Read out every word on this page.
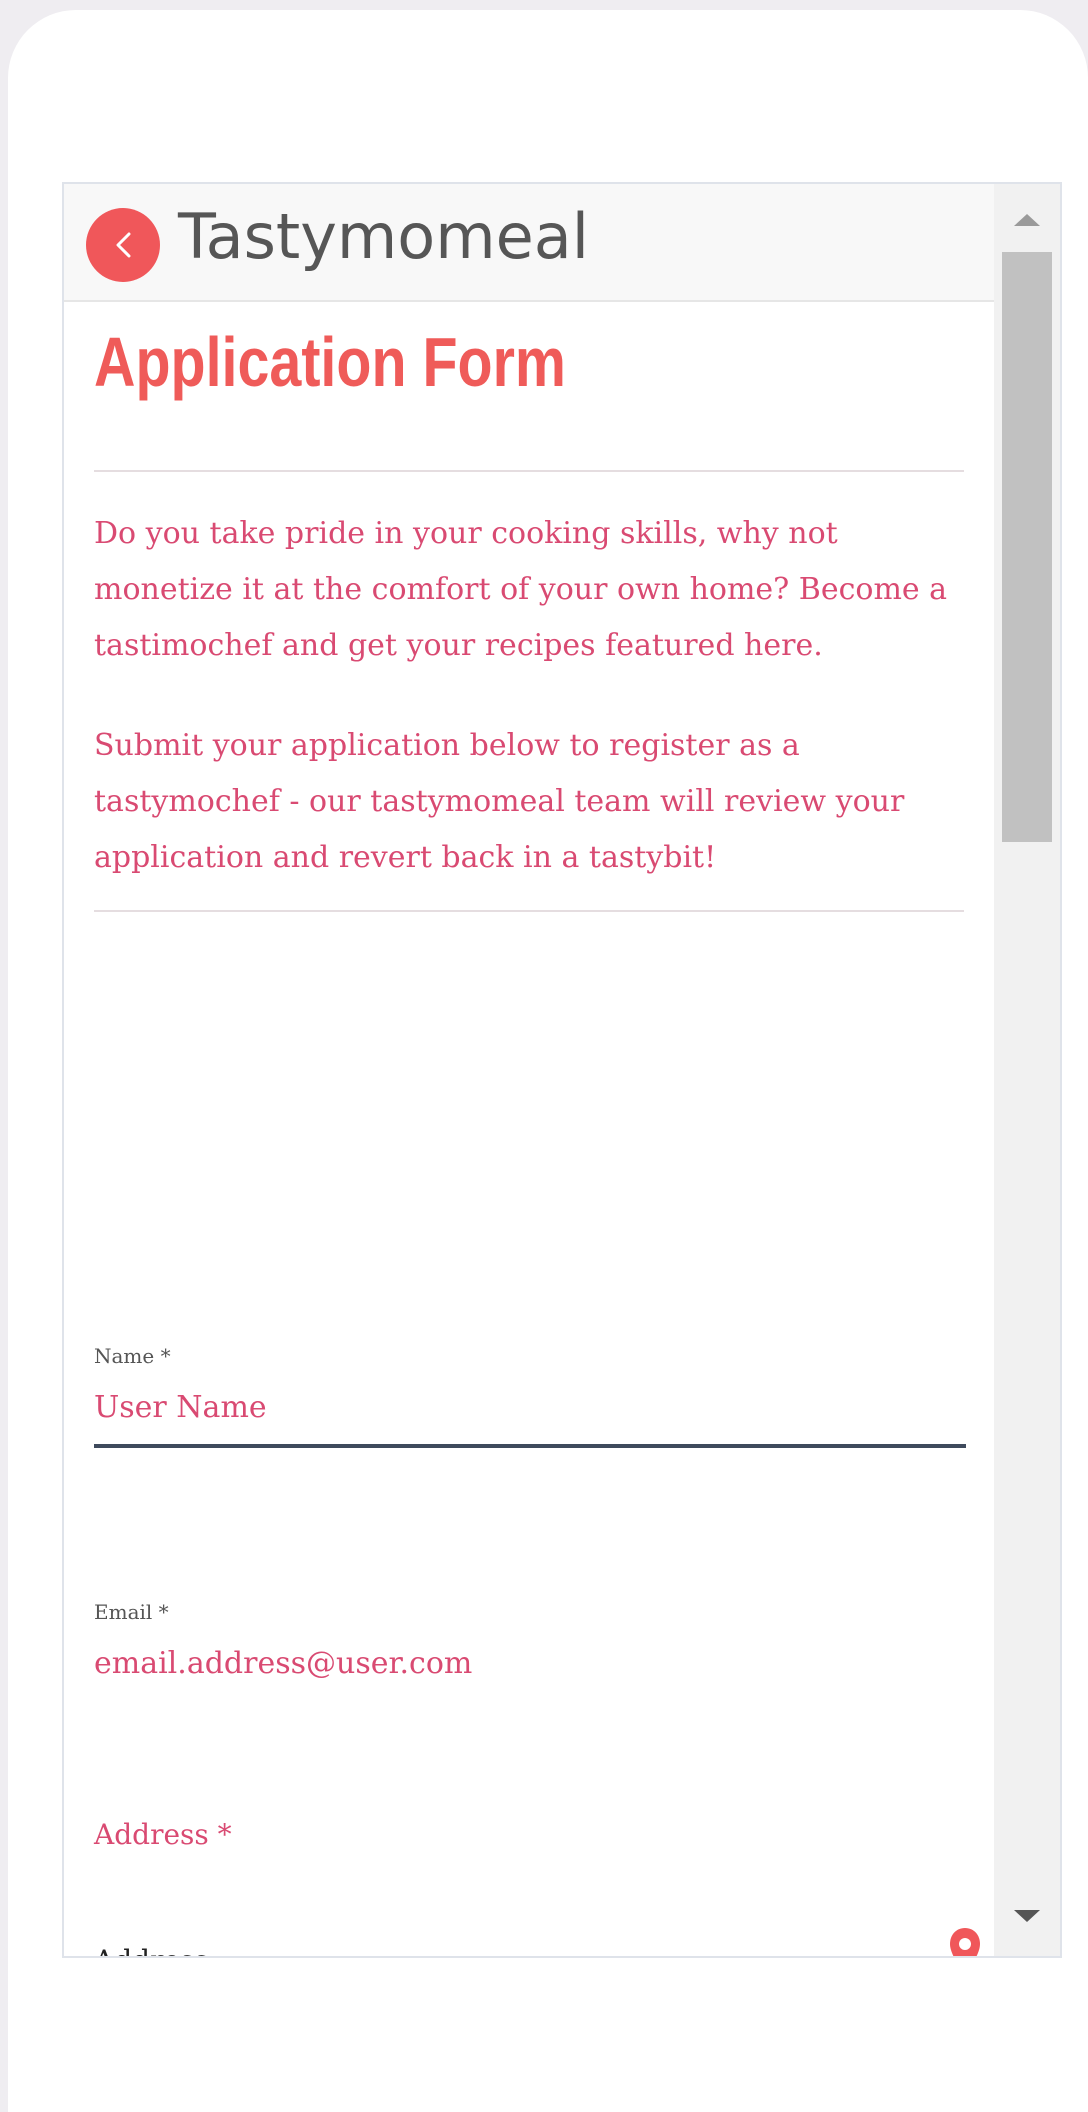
Tastymomeal
Application Form

Do you take pride in your cooking skills, why not monetize it at the comfort of your own home? Become a tastimochef and get your recipes featured here.

Submit your application below to register as a tastymochef - our tastymomeal team will review your application and revert back in a tastybit!

Name *
User Name
Email *
email.address@user.com
Address *
Address
